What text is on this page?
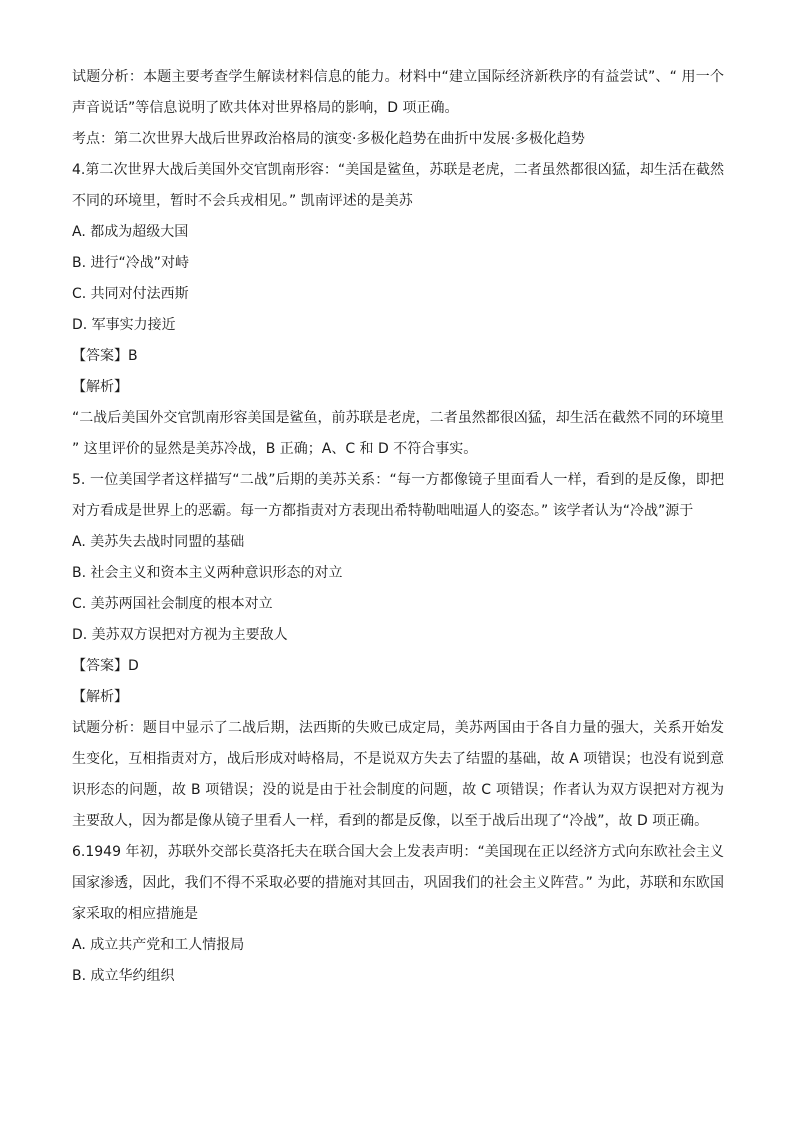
试题分析：本题主要考查学生解读材料信息的能力。材料中“建立国际经济新秩序的有益尝试”、“ 用一个声音说话”等信息说明了欧共体对世界格局的影响，D 项正确。

考点：第二次世界大战后世界政治格局的演变·多极化趋势在曲折中发展·多极化趋势

4.第二次世界大战后美国外交官凯南形容：“美国是鲨鱼，苏联是老虎，二者虽然都很凶猛，却生活在截然不同的环境里，暂时不会兵戎相见。” 凯南评述的是美苏

A. 都成为超级大国

B. 进行“冷战”对峙

C. 共同对付法西斯

D. 军事实力接近

【答案】B

【解析】

“二战后美国外交官凯南形容美国是鲨鱼，前苏联是老虎，二者虽然都很凶猛，却生活在截然不同的环境里 ” 这里评价的显然是美苏冷战，B 正确；A、C 和 D 不符合事实。

5. 一位美国学者这样描写“二战”后期的美苏关系：“每一方都像镜子里面看人一样，看到的是反像，即把对方看成是世界上的恶霸。每一方都指责对方表现出希特勒咄咄逼人的姿态。” 该学者认为“冷战”源于

A. 美苏失去战时同盟的基础

B. 社会主义和资本主义两种意识形态的对立

C. 美苏两国社会制度的根本对立

D. 美苏双方误把对方视为主要敌人

【答案】D

【解析】

试题分析：题目中显示了二战后期，法西斯的失败已成定局，美苏两国由于各自力量的强大，关系开始发生变化，互相指责对方，战后形成对峙格局，不是说双方失去了结盟的基础，故 A 项错误；也没有说到意识形态的问题，故 B 项错误；没的说是由于社会制度的问题，故 C 项错误；作者认为双方误把对方视为主要敌人，因为都是像从镜子里看人一样，看到的都是反像，以至于战后出现了“冷战”，故 D 项正确。

6.1949 年初，苏联外交部长莫洛托夫在联合国大会上发表声明：“美国现在正以经济方式向东欧社会主义国家渗透，因此，我们不得不采取必要的措施对其回击，巩固我们的社会主义阵营。” 为此，苏联和东欧国家采取的相应措施是

A. 成立共产党和工人情报局

B. 成立华约组织
